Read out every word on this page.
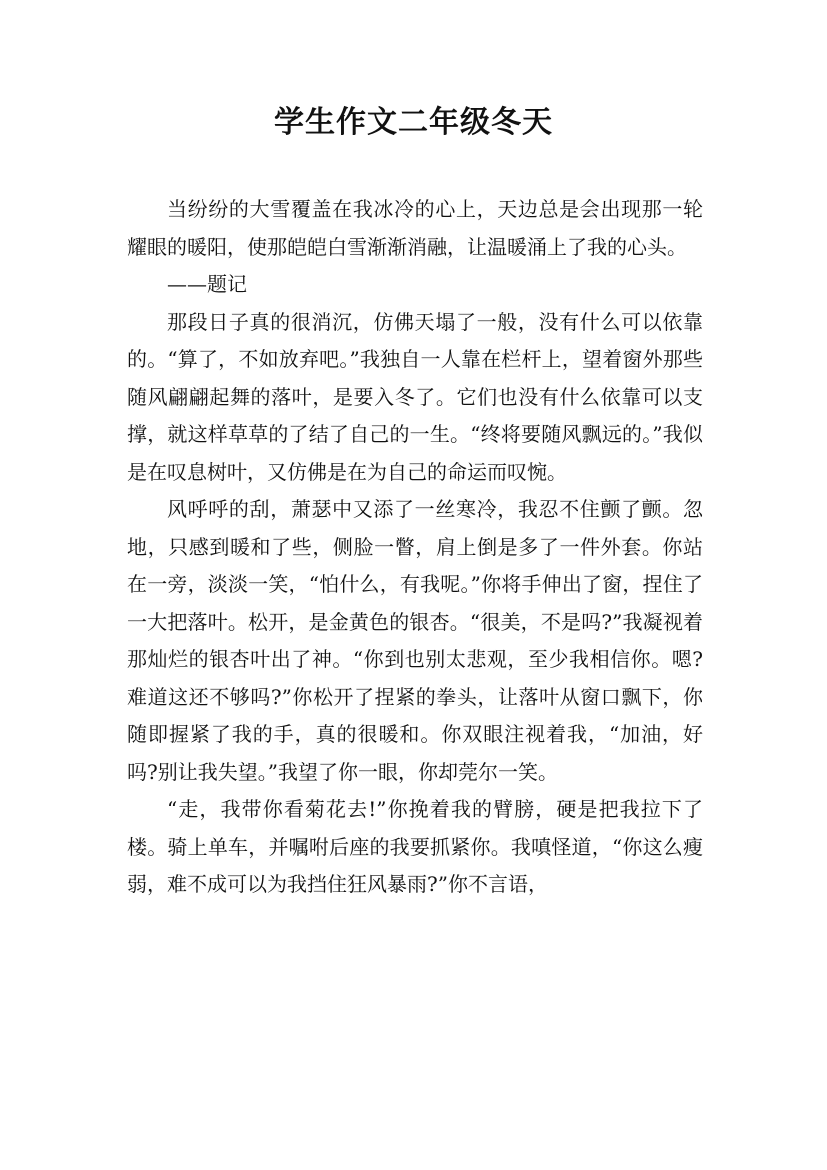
学生作文二年级冬天

当纷纷的大雪覆盖在我冰冷的心上，天边总是会出现那一轮耀眼的暖阳，使那皑皑白雪渐渐消融，让温暖涌上了我的心头。

——题记

那段日子真的很消沉，仿佛天塌了一般，没有什么可以依靠的。“算了，不如放弃吧。”我独自一人靠在栏杆上，望着窗外那些随风翩翩起舞的落叶，是要入冬了。它们也没有什么依靠可以支撑，就这样草草的了结了自己的一生。“终将要随风飘远的。”我似是在叹息树叶，又仿佛是在为自己的命运而叹惋。

风呼呼的刮，萧瑟中又添了一丝寒冷，我忍不住颤了颤。忽地，只感到暖和了些，侧脸一瞥，肩上倒是多了一件外套。你站在一旁，淡淡一笑，“怕什么，有我呢。”你将手伸出了窗，捏住了一大把落叶。松开，是金黄色的银杏。“很美，不是吗?”我凝视着那灿烂的银杏叶出了神。“你到也别太悲观，至少我相信你。嗯?难道这还不够吗?”你松开了捏紧的拳头，让落叶从窗口飘下，你随即握紧了我的手，真的很暖和。你双眼注视着我，“加油，好吗?别让我失望。”我望了你一眼，你却莞尔一笑。

“走，我带你看菊花去!”你挽着我的臂膀，硬是把我拉下了楼。骑上单车，并嘱咐后座的我要抓紧你。我嗔怪道，“你这么瘦弱，难不成可以为我挡住狂风暴雨?”你不言语，
